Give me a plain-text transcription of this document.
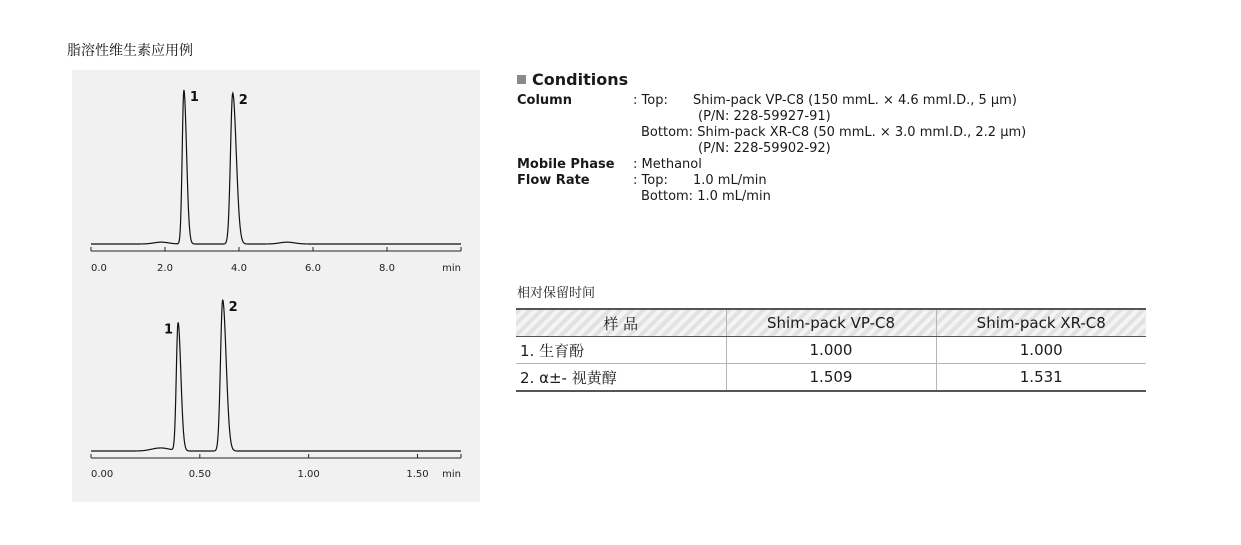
脂溶性维生素应用例
0.0	2.0	4.0	6.0	8.0	min
1	2
0.00	0.50	1.00	1.50 min
1
2
Conditions
Column	: Top: Shim-pack VP-C8 (150 mmL. × 4.6 mmI.D., 5 μm)
(P/N: 228-59927-91)
Bottom: Shim-pack XR-C8 (50 mmL. × 3.0 mmI.D., 2.2 μm)
(P/N: 228-59902-92)
Mobile Phase	: Methanol
Flow Rate	: Top: 1.0 mL/min
Bottom: 1.0 mL/min
相对保留时间
样 品	Shim-pack VP-C8	Shim-pack XR-C8
1. 生育酚	1.000	1.000
2. α±- 视黄醇	1.509	1.531
